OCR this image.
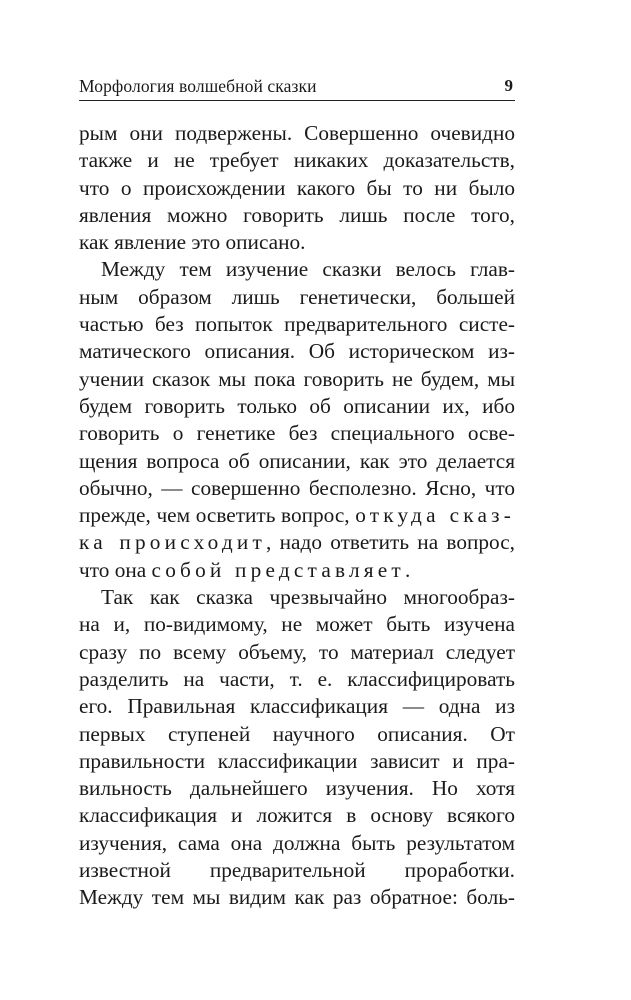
Морфология волшебной сказки	9
рым они подвержены. Совершенно очевидно
также и не требует никаких доказательств,
что о происхождении какого бы то ни было
явления можно говорить лишь после того,
как явление это описано.
Между тем изучение сказки велось глав-
ным образом лишь генетически, большей
частью без попыток предварительного систе-
матического описания. Об историческом из-
учении сказок мы пока говорить не будем, мы
будем говорить только об описании их, ибо
говорить о генетике без специального осве-
щения вопроса об описании, как это делается
обычно, — совершенно бесполезно. Ясно, что
прежде, чем осветить вопрос, откуда сказ-
ка происходит, надо ответить на вопрос,
что она собой представляет.
Так как сказка чрезвычайно многообраз-
на и, по-видимому, не может быть изучена
сразу по всему объему, то материал следует
разделить на части, т. е. классифицировать
его. Правильная классификация — одна из
первых ступеней научного описания. От
правильности классификации зависит и пра-
вильность дальнейшего изучения. Но хотя
классификация и ложится в основу всякого
изучения, сама она должна быть результатом
известной предварительной проработки.
Между тем мы видим как раз обратное: боль-
